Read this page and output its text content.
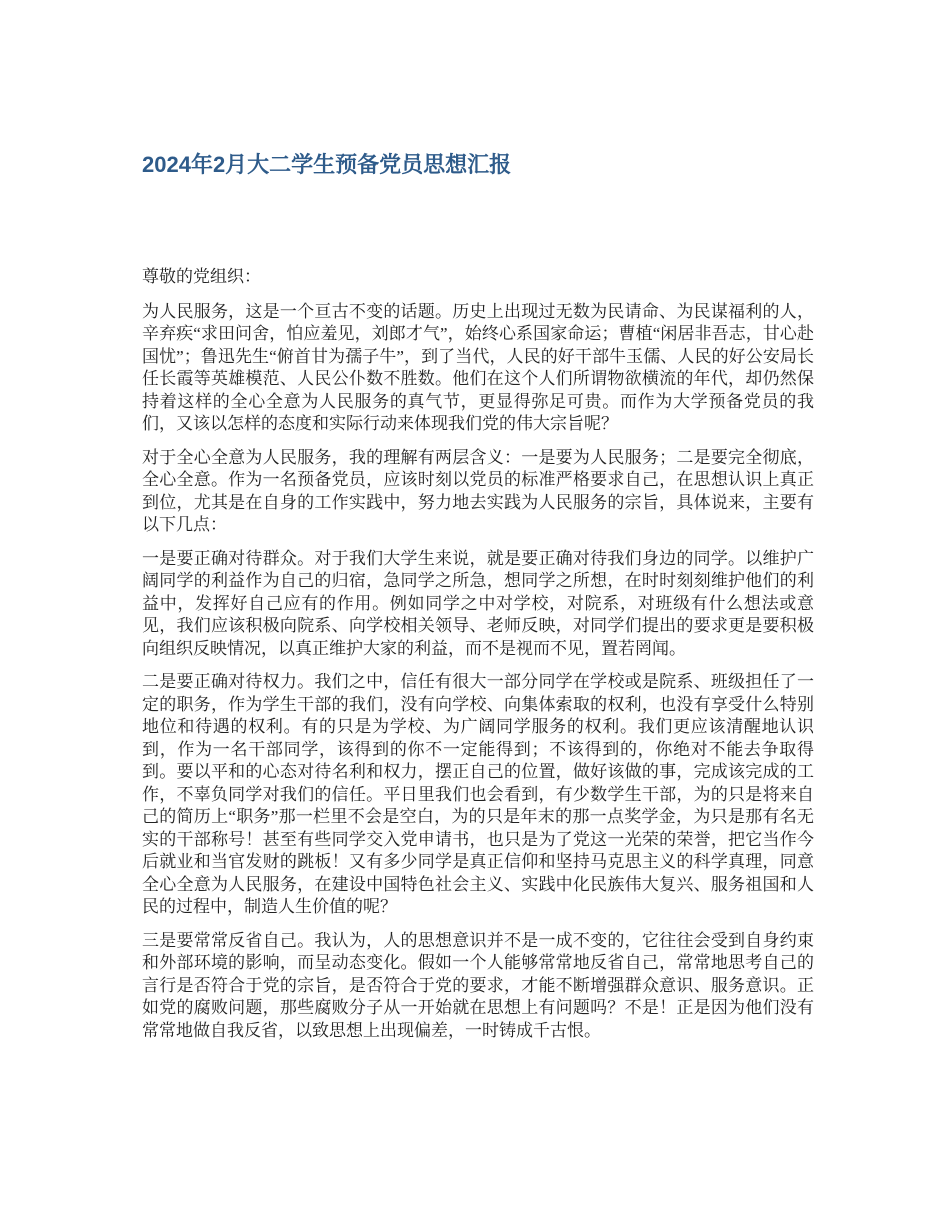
2024年2月大二学生预备党员思想汇报

尊敬的党组织：

为人民服务，这是一个亘古不变的话题。历史上出现过无数为民请命、为民谋福利的人，辛弃疾“求田问舍，怕应羞见，刘郎才气”，始终心系国家命运；曹植“闲居非吾志，甘心赴国忧”；鲁迅先生“俯首甘为孺子牛”，到了当代，人民的好干部牛玉儒、人民的好公安局长任长霞等英雄模范、人民公仆数不胜数。他们在这个人们所谓物欲横流的年代，却仍然保持着这样的全心全意为人民服务的真气节，更显得弥足可贵。而作为大学预备党员的我们，又该以怎样的态度和实际行动来体现我们党的伟大宗旨呢？

对于全心全意为人民服务，我的理解有两层含义：一是要为人民服务；二是要完全彻底，全心全意。作为一名预备党员，应该时刻以党员的标准严格要求自己，在思想认识上真正到位，尤其是在自身的工作实践中，努力地去实践为人民服务的宗旨，具体说来，主要有以下几点：

一是要正确对待群众。对于我们大学生来说，就是要正确对待我们身边的同学。以维护广阔同学的利益作为自己的归宿，急同学之所急，想同学之所想，在时时刻刻维护他们的利益中，发挥好自己应有的作用。例如同学之中对学校，对院系，对班级有什么想法或意见，我们应该积极向院系、向学校相关领导、老师反映，对同学们提出的要求更是要积极向组织反映情况，以真正维护大家的利益，而不是视而不见，置若罔闻。

二是要正确对待权力。我们之中，信任有很大一部分同学在学校或是院系、班级担任了一定的职务，作为学生干部的我们，没有向学校、向集体索取的权利，也没有享受什么特别地位和待遇的权利。有的只是为学校、为广阔同学服务的权利。我们更应该清醒地认识到，作为一名干部同学，该得到的你不一定能得到；不该得到的，你绝对不能去争取得到。要以平和的心态对待名利和权力，摆正自己的位置，做好该做的事，完成该完成的工作，不辜负同学对我们的信任。平日里我们也会看到，有少数学生干部，为的只是将来自己的简历上“职务”那一栏里不会是空白，为的只是年末的那一点奖学金，为只是那有名无实的干部称号！甚至有些同学交入党申请书，也只是为了党这一光荣的荣誉，把它当作今后就业和当官发财的跳板！又有多少同学是真正信仰和坚持马克思主义的科学真理，同意全心全意为人民服务，在建设中国特色社会主义、实践中化民族伟大复兴、服务祖国和人民的过程中，制造人生价值的呢？

三是要常常反省自己。我认为，人的思想意识并不是一成不变的，它往往会受到自身约束和外部环境的影响，而呈动态变化。假如一个人能够常常地反省自己，常常地思考自己的言行是否符合于党的宗旨，是否符合于党的要求，才能不断增强群众意识、服务意识。正如党的腐败问题，那些腐败分子从一开始就在思想上有问题吗？不是！正是因为他们没有常常地做自我反省，以致思想上出现偏差，一时铸成千古恨。
